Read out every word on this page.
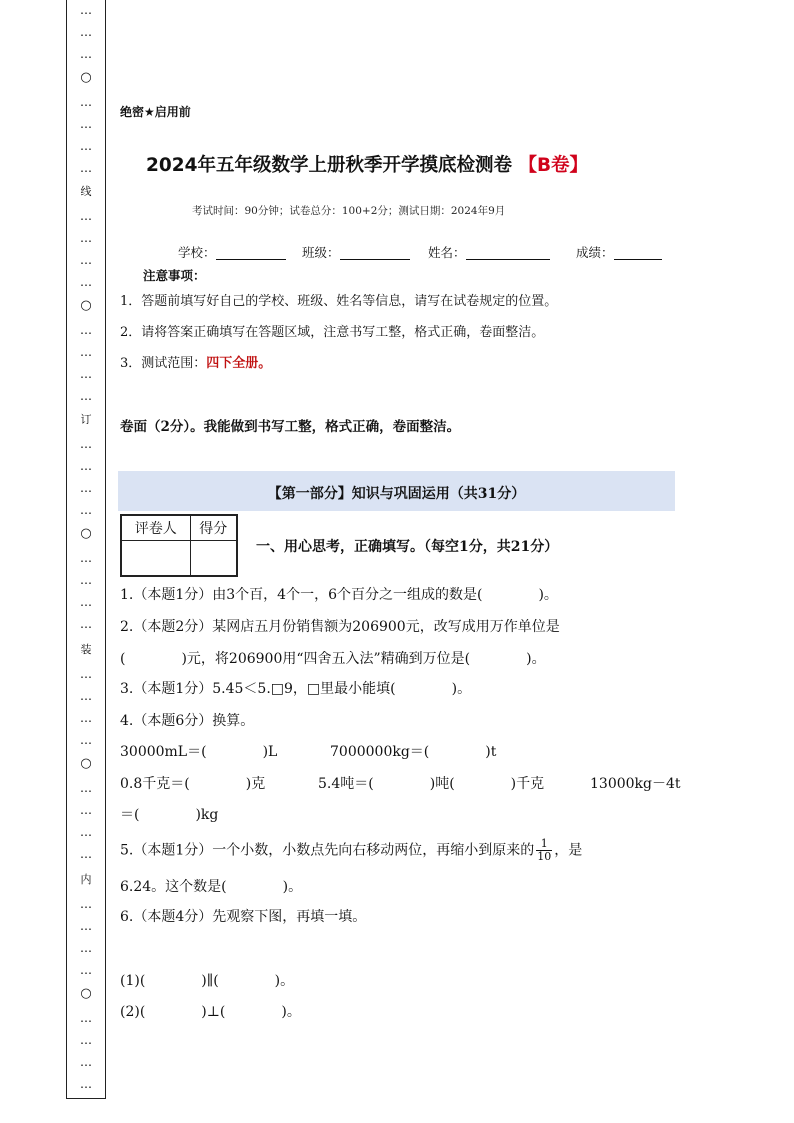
…
…
…
○
…
…
…
…
线
…
…
…
…
○
…
…
…
…
订
…
…
…
…
○
…
…
…
…
装
…
…
…
…
○
…
…
…
…
内
…
…
…
…
○
…
…
…
…
绝密★启用前
2024年五年级数学上册秋季开学摸底检测卷 【B卷】
考试时间：90分钟；试卷总分：100+2分；测试日期：2024年9月
学校：	班级：	姓名：	成绩：
注意事项：
1．答题前填写好自己的学校、班级、姓名等信息，请写在试卷规定的位置。
2．请将答案正确填写在答题区域，注意书写工整，格式正确，卷面整洁。
3．测试范围：四下全册。
卷面（2分）。我能做到书写工整，格式正确，卷面整洁。
【第一部分】知识与巩固运用（共31分）
评卷人	得分

一、用心思考，正确填写。（每空1分，共21分）
1.（本题1分）由3个百，4个一，6个百分之一组成的数是(　　　　)。
2.（本题2分）某网店五月份销售额为206900元，改写成用万作单位是
(　　　　)元，将206900用“四舍五入法”精确到万位是(　　　　)。
3.（本题1分）5.45＜5.□9，□里最小能填(　　　　)。
4.（本题6分）换算。
30000mL＝(　　　　)L	7000000kg＝(　　　　)t
0.8千克＝(　　　　)克	5.4吨＝(　　　　)吨(　　　　)千克	13000kg－4t
＝(　　　　)kg
5.（本题1分）一个小数，小数点先向右移动两位，再缩小到原来的 $\frac{1}{10}$ ，是
6.24。这个数是(　　　　)。
6.（本题4分）先观察下图，再填一填。
(1)(　　　　)∥(　　　　)。
(2)(　　　　)⊥(　　　　)。
